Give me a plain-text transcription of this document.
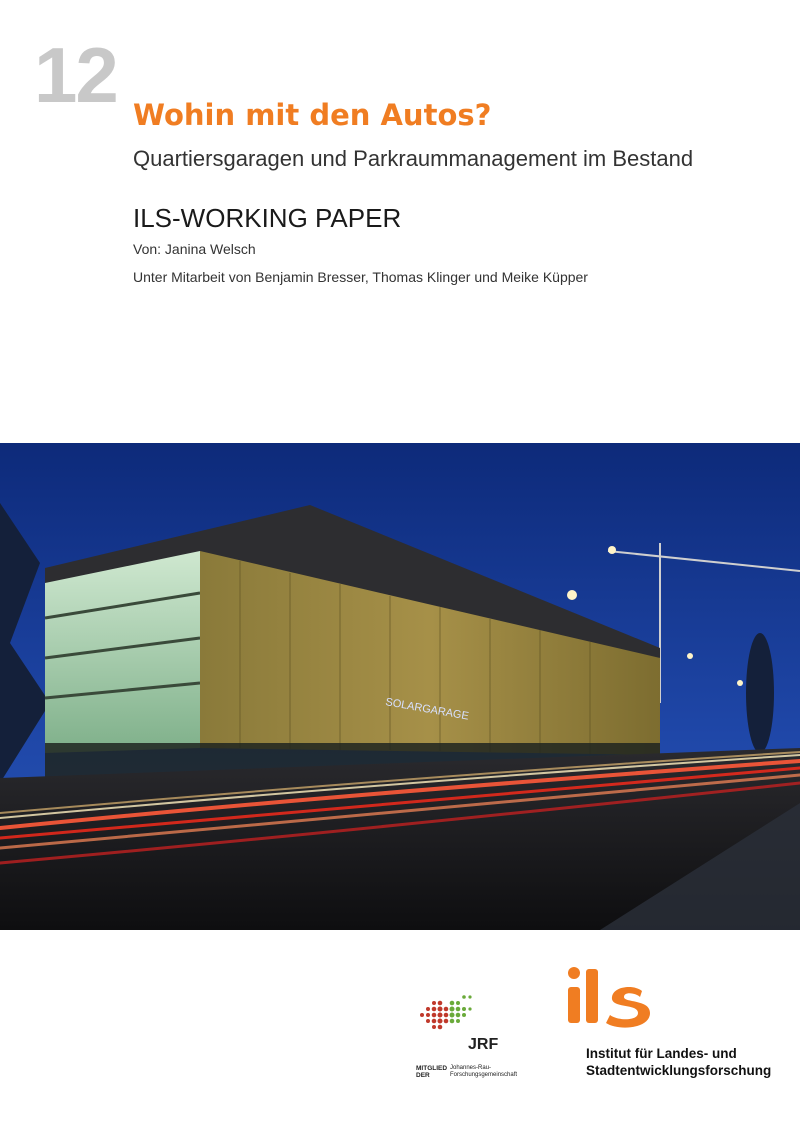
12 Wohin mit den Autos?
Quartiersgaragen und Parkraummanagement im Bestand
ILS-WORKING PAPER
Von: Janina Welsch
Unter Mitarbeit von Benjamin Bresser, Thomas Klinger und Meike Küpper
SOLARGARAGE
JRF
MITGLIED
DER
Johannes-Rau-
Forschungsgemeinschaft
Institut für Landes- und
Stadtentwicklungsforschung
